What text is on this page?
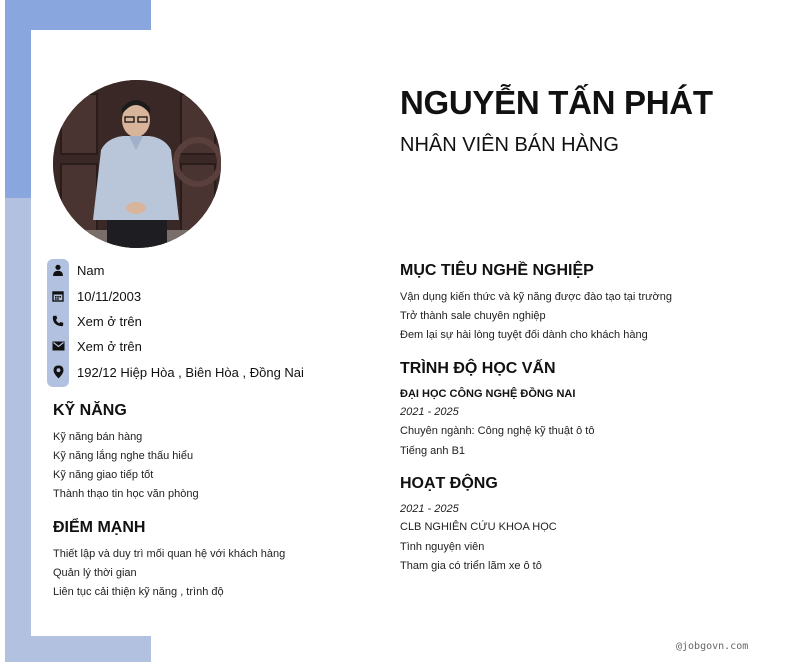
Nam
10/11/2003
Xem ở trên
Xem ở trên
192/12 Hiệp Hòa , Biên Hòa , Đồng Nai
KỸ NĂNG
Kỹ năng bán hàng
Kỹ năng lắng nghe thấu hiểu
Kỹ năng giao tiếp tốt
Thành thạo tin học văn phòng
ĐIỂM MẠNH
Thiết lập và duy trì mối quan hệ với khách hàng
Quản lý thời gian
Liên tục cải thiện kỹ năng , trình độ
NGUYỄN TẤN PHÁT
NHÂN VIÊN BÁN HÀNG
MỤC TIÊU NGHỀ NGHIỆP
Vận dụng kiến thức và kỹ năng được đào tạo tại trường
Trở thành sale chuyên nghiệp
Đem lại sự hài lòng tuyệt đối dành cho khách hàng
TRÌNH ĐỘ HỌC VẤN
ĐẠI HỌC CÔNG NGHỆ ĐỒNG NAI
2021 - 2025
Chuyên ngành: Công nghệ kỹ thuật ô tô
Tiếng anh B1
HOẠT ĐỘNG
2021 - 2025
CLB NGHIÊN CỨU KHOA HỌC
Tình nguyện viên
Tham gia có triển lãm xe ô tô
@jobgovn.com
